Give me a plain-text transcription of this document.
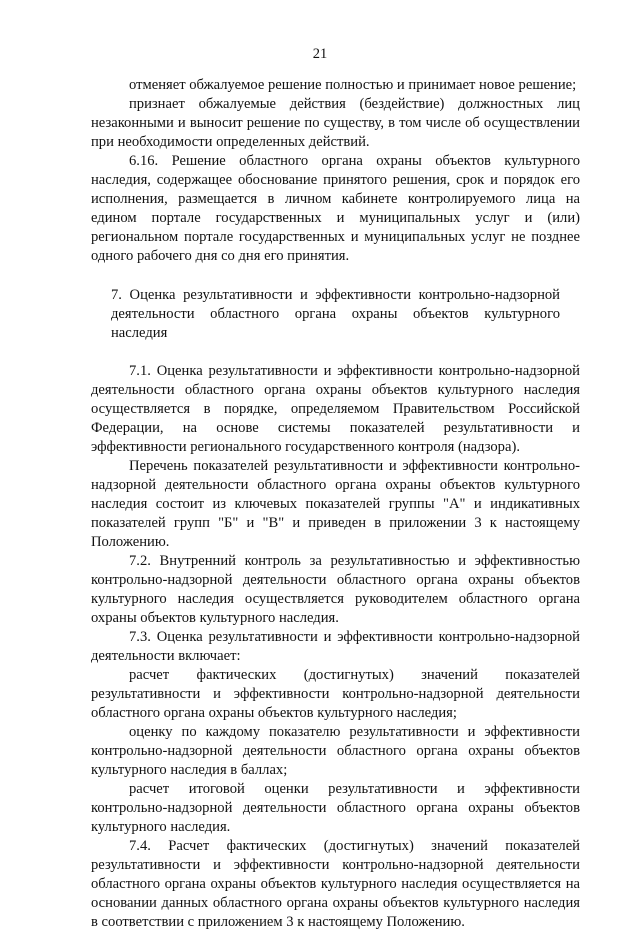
21

отменяет обжалуемое решение полностью и принимает новое решение;

признает обжалуемые действия (бездействие) должностных лиц незаконными и выносит решение по существу, в том числе об осуществлении при необходимости определенных действий.

6.16. Решение областного органа охраны объектов культурного наследия, содержащее обоснование принятого решения, срок и порядок его исполнения, размещается в личном кабинете контролируемого лица на едином портале государственных и муниципальных услуг и (или) региональном портале государственных и муниципальных услуг не позднее одного рабочего дня со дня его принятия.

7. Оценка результативности и эффективности контрольно-надзорной деятельности областного органа охраны объектов культурного наследия

7.1. Оценка результативности и эффективности контрольно-надзорной деятельности областного органа охраны объектов культурного наследия осуществляется в порядке, определяемом Правительством Российской Федерации, на основе системы показателей результативности и эффективности регионального государственного контроля (надзора).

Перечень показателей результативности и эффективности контрольно-надзорной деятельности областного органа охраны объектов культурного наследия состоит из ключевых показателей группы "А" и индикативных показателей групп "Б" и "В" и приведен в приложении 3 к настоящему Положению.

7.2. Внутренний контроль за результативностью и эффективностью контрольно-надзорной деятельности областного органа охраны объектов культурного наследия осуществляется руководителем областного органа охраны объектов культурного наследия.

7.3. Оценка результативности и эффективности контрольно-надзорной деятельности включает:

расчет фактических (достигнутых) значений показателей результативности и эффективности контрольно-надзорной деятельности областного органа охраны объектов культурного наследия;

оценку по каждому показателю результативности и эффективности контрольно-надзорной деятельности областного органа охраны объектов культурного наследия в баллах;

расчет итоговой оценки результативности и эффективности контрольно-надзорной деятельности областного органа охраны объектов культурного наследия.

7.4. Расчет фактических (достигнутых) значений показателей результативности и эффективности контрольно-надзорной деятельности областного органа охраны объектов культурного наследия осуществляется на основании данных областного органа охраны объектов культурного наследия в соответствии с приложением 3 к настоящему Положению.
